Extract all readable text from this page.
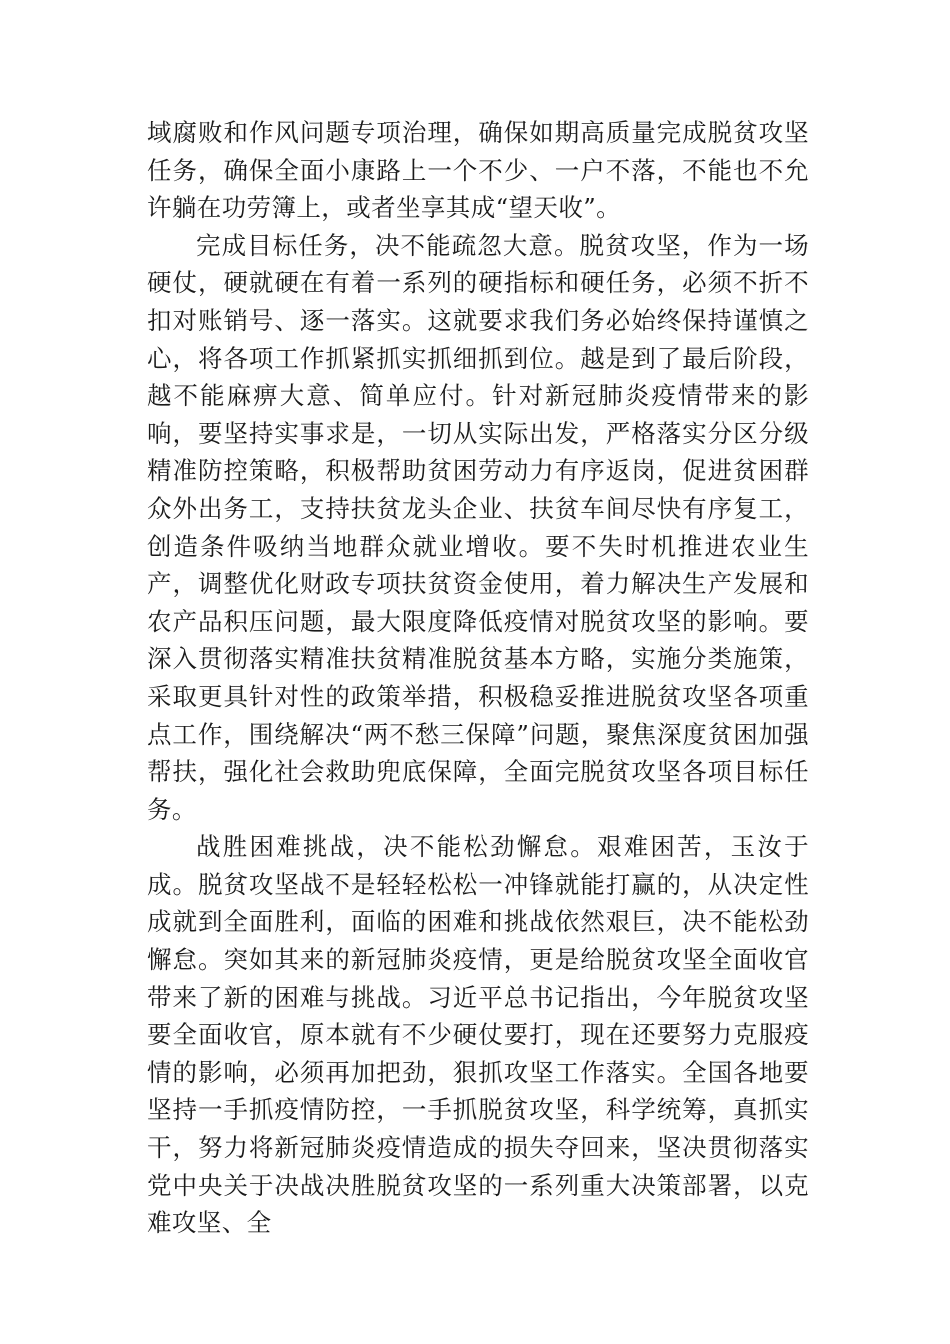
域腐败和作风问题专项治理，确保如期高质量完成脱贫攻坚任务，确保全面小康路上一个不少、一户不落，不能也不允许躺在功劳簿上，或者坐享其成“望天收”。

完成目标任务，决不能疏忽大意。脱贫攻坚，作为一场硬仗，硬就硬在有着一系列的硬指标和硬任务，必须不折不扣对账销号、逐一落实。这就要求我们务必始终保持谨慎之心，将各项工作抓紧抓实抓细抓到位。越是到了最后阶段，越不能麻痹大意、简单应付。针对新冠肺炎疫情带来的影响，要坚持实事求是，一切从实际出发，严格落实分区分级精准防控策略，积极帮助贫困劳动力有序返岗，促进贫困群众外出务工，支持扶贫龙头企业、扶贫车间尽快有序复工，创造条件吸纳当地群众就业增收。要不失时机推进农业生产，调整优化财政专项扶贫资金使用，着力解决生产发展和农产品积压问题，最大限度降低疫情对脱贫攻坚的影响。要深入贯彻落实精准扶贫精准脱贫基本方略，实施分类施策，采取更具针对性的政策举措，积极稳妥推进脱贫攻坚各项重点工作，围绕解决“两不愁三保障”问题，聚焦深度贫困加强帮扶，强化社会救助兜底保障，全面完脱贫攻坚各项目标任务。

战胜困难挑战，决不能松劲懈怠。艰难困苦，玉汝于成。脱贫攻坚战不是轻轻松松一冲锋就能打赢的，从决定性成就到全面胜利，面临的困难和挑战依然艰巨，决不能松劲懈怠。突如其来的新冠肺炎疫情，更是给脱贫攻坚全面收官带来了新的困难与挑战。习近平总书记指出，今年脱贫攻坚要全面收官，原本就有不少硬仗要打，现在还要努力克服疫情的影响，必须再加把劲，狠抓攻坚工作落实。全国各地要坚持一手抓疫情防控，一手抓脱贫攻坚，科学统筹，真抓实干，努力将新冠肺炎疫情造成的损失夺回来，坚决贯彻落实党中央关于决战决胜脱贫攻坚的一系列重大决策部署，以克难攻坚、全
